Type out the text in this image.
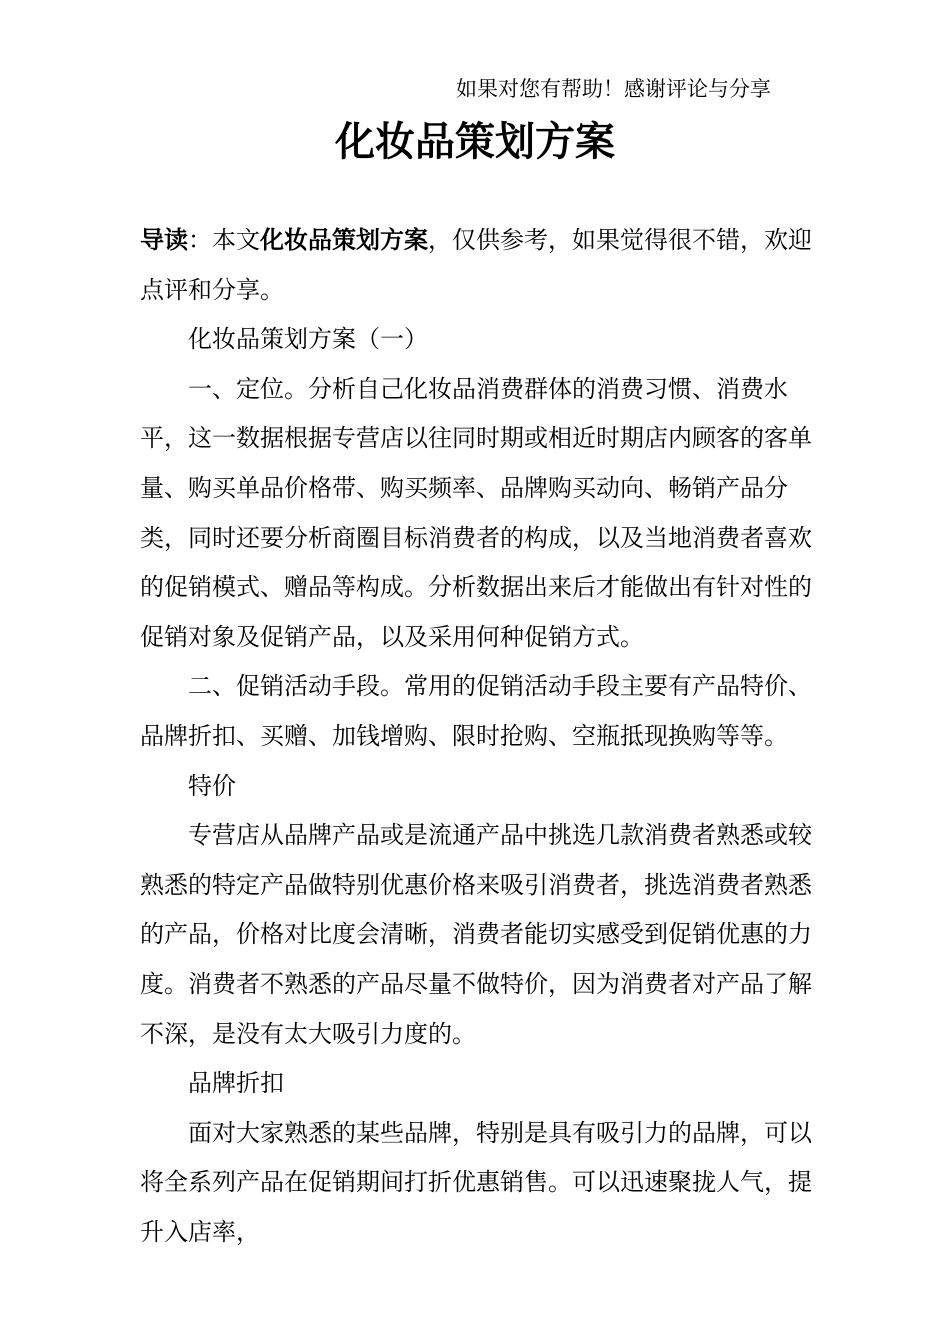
如果对您有帮助！感谢评论与分享
化妆品策划方案

导读：本文化妆品策划方案，仅供参考，如果觉得很不错，欢迎点评和分享。

化妆品策划方案（一）

一、定位。分析自己化妆品消费群体的消费习惯、消费水平，这一数据根据专营店以往同时期或相近时期店内顾客的客单量、购买单品价格带、购买频率、品牌购买动向、畅销产品分类，同时还要分析商圈目标消费者的构成，以及当地消费者喜欢的促销模式、赠品等构成。分析数据出来后才能做出有针对性的促销对象及促销产品，以及采用何种促销方式。

二、促销活动手段。常用的促销活动手段主要有产品特价、品牌折扣、买赠、加钱增购、限时抢购、空瓶抵现换购等等。

特价

专营店从品牌产品或是流通产品中挑选几款消费者熟悉或较熟悉的特定产品做特别优惠价格来吸引消费者，挑选消费者熟悉的产品，价格对比度会清晰，消费者能切实感受到促销优惠的力度。消费者不熟悉的产品尽量不做特价，因为消费者对产品了解不深，是没有太大吸引力度的。

品牌折扣

面对大家熟悉的某些品牌，特别是具有吸引力的品牌，可以将全系列产品在促销期间打折优惠销售。可以迅速聚拢人气，提升入店率，
